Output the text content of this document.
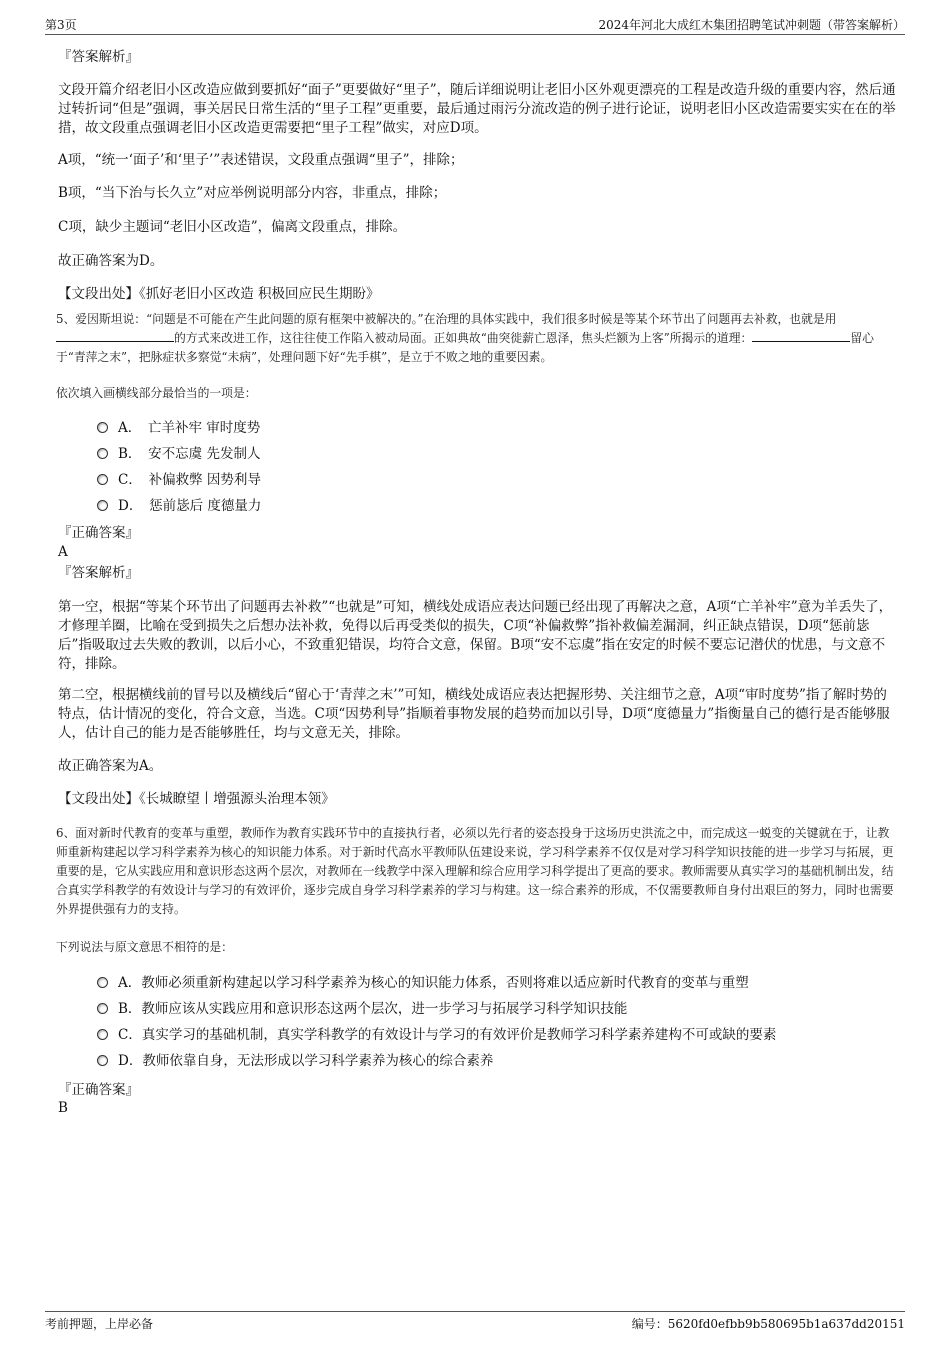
第3页	2024年河北大成红木集团招聘笔试冲刺题（带答案解析）
『答案解析』
文段开篇介绍老旧小区改造应做到要抓好“面子”更要做好“里子”，随后详细说明让老旧小区外观更漂亮的工程是改造升级的重要内容，然后通过转折词“但是”强调，事关居民日常生活的“里子工程”更重要，最后通过雨污分流改造的例子进行论证，说明老旧小区改造需要实实在在的举措，故文段重点强调老旧小区改造更需要把“里子工程”做实，对应D项。
A项，“统一‘面子’和‘里子’”表述错误，文段重点强调“里子”，排除；
B项，“当下治与长久立”对应举例说明部分内容，非重点，排除；
C项，缺少主题词“老旧小区改造”，偏离文段重点，排除。
故正确答案为D。
【文段出处】《抓好老旧小区改造 积极回应民生期盼》
5、爱因斯坦说：“问题是不可能在产生此问题的原有框架中被解决的。”在治理的具体实践中，我们很多时候是等某个环节出了问题再去补救，也就是用的方式来改进工作，这往往使工作陷入被动局面。正如典故“曲突徙薪亡恩泽，焦头烂额为上客”所揭示的道理：	留心于“青萍之末”，把脉症状多察觉“未病”，处理问题下好“先手棋”，是立于不败之地的重要因素。
依次填入画横线部分最恰当的一项是：
A．　亡羊补牢 审时度势
B．　安不忘虞 先发制人
C．　补偏救弊 因势利导
D．　惩前毖后 度德量力
『正确答案』
A
『答案解析』
第一空，根据“等某个环节出了问题再去补救”“也就是”可知，横线处成语应表达问题已经出现了再解决之意，A项“亡羊补牢”意为羊丢失了，才修理羊圈，比喻在受到损失之后想办法补救，免得以后再受类似的损失，C项“补偏救弊”指补救偏差漏洞，纠正缺点错误，D项“惩前毖后”指吸取过去失败的教训，以后小心，不致重犯错误，均符合文意，保留。B项“安不忘虞”指在安定的时候不要忘记潜伏的忧患，与文意不符，排除。
第二空，根据横线前的冒号以及横线后“留心于‘青萍之末’”可知，横线处成语应表达把握形势、关注细节之意，A项“审时度势”指了解时势的特点，估计情况的变化，符合文意，当选。C项“因势利导”指顺着事物发展的趋势而加以引导，D项“度德量力”指衡量自己的德行是否能够服人，估计自己的能力是否能够胜任，均与文意无关，排除。
故正确答案为A。
【文段出处】《长城瞭望丨增强源头治理本领》
6、面对新时代教育的变革与重塑，教师作为教育实践环节中的直接执行者，必须以先行者的姿态投身于这场历史洪流之中，而完成这一蜕变的关键就在于，让教师重新构建起以学习科学素养为核心的知识能力体系。对于新时代高水平教师队伍建设来说，学习科学素养不仅仅是对学习科学知识技能的进一步学习与拓展，更重要的是，它从实践应用和意识形态这两个层次，对教师在一线教学中深入理解和综合应用学习科学提出了更高的要求。教师需要从真实学习的基础机制出发，结合真实学科教学的有效设计与学习的有效评价，逐步完成自身学习科学素养的学习与构建。这一综合素养的形成，不仅需要教师自身付出艰巨的努力，同时也需要外界提供强有力的支持。
下列说法与原文意思不相符的是：
A．教师必须重新构建起以学习科学素养为核心的知识能力体系，否则将难以适应新时代教育的变革与重塑
B．教师应该从实践应用和意识形态这两个层次，进一步学习与拓展学习科学知识技能
C．真实学习的基础机制，真实学科教学的有效设计与学习的有效评价是教师学习科学素养建构不可或缺的要素
D．教师依靠自身，无法形成以学习科学素养为核心的综合素养
『正确答案』
B
考前押题，上岸必备	编号：5620fd0efbb9b580695b1a637dd20151
